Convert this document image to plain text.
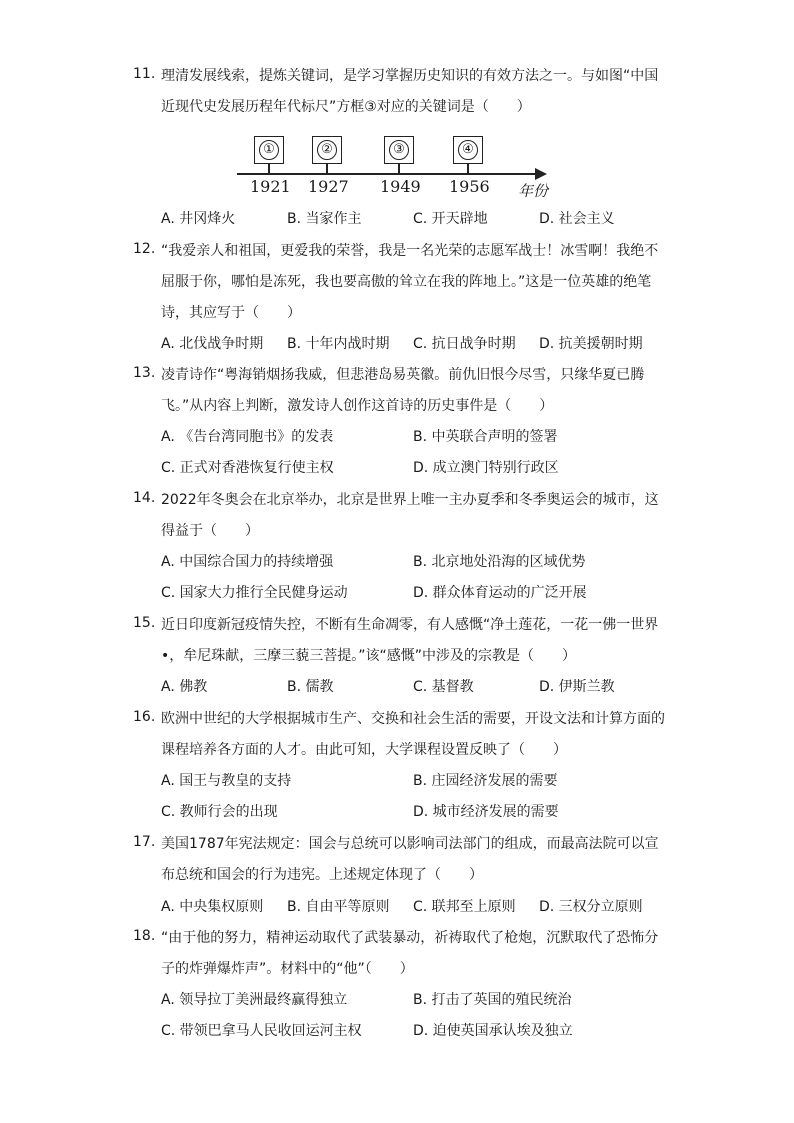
11. 理清发展线索，提炼关键词，是学习掌握历史知识的有效方法之一。与如图“中国
近现代史发展历程年代标尺”方框③对应的关键词是（　　）
①	②	③	④
1921 1927 1949 1956 年份
A. 井冈烽火	B. 当家作主	C. 开天辟地	D. 社会主义
12. “我爱亲人和祖国，更爱我的荣誉，我是一名光荣的志愿军战士！冰雪啊！我绝不
屈服于你，哪怕是冻死，我也要高傲的耸立在我的阵地上。”这是一位英雄的绝笔
诗，其应写于（　　）
A. 北伐战争时期 B. 十年内战时期 C. 抗日战争时期 D. 抗美援朝时期
13. 凌青诗作“粤海销烟扬我威，但悲港岛易英徽。前仇旧恨今尽雪，只缘华夏已腾
飞。”从内容上判断，激发诗人创作这首诗的历史事件是（　　）
A. 《告台湾同胞书》的发表	B. 中英联合声明的签署
C. 正式对香港恢复行使主权	D. 成立澳门特别行政区
14. 2022年冬奥会在北京举办，北京是世界上唯一主办夏季和冬季奥运会的城市，这
得益于（　　）
A. 中国综合国力的持续增强	B. 北京地处沿海的区域优势
C. 国家大力推行全民健身运动	D. 群众体育运动的广泛开展
15. 近日印度新冠疫情失控，不断有生命凋零，有人感慨“净土莲花，一花一佛一世界
•，牟尼珠献，三摩三藐三菩提。”该“感慨”中涉及的宗教是（　　）
A. 佛教	B. 儒教	C. 基督教	D. 伊斯兰教
16. 欧洲中世纪的大学根据城市生产、交换和社会生活的需要，开设文法和计算方面的
课程培养各方面的人才。由此可知，大学课程设置反映了（　　）
A. 国王与教皇的支持	B. 庄园经济发展的需要
C. 教师行会的出现	D. 城市经济发展的需要
17. 美国1787年宪法规定：国会与总统可以影响司法部门的组成，而最高法院可以宣
布总统和国会的行为违宪。上述规定体现了（　　）
A. 中央集权原则 B. 自由平等原则 C. 联邦至上原则 D. 三权分立原则
18. “由于他的努力，精神运动取代了武装暴动，祈祷取代了枪炮，沉默取代了恐怖分
子的炸弹爆炸声”。材料中的“他”（　　）
A. 领导拉丁美洲最终赢得独立	B. 打击了英国的殖民统治
C. 带领巴拿马人民收回运河主权	D. 迫使英国承认埃及独立
